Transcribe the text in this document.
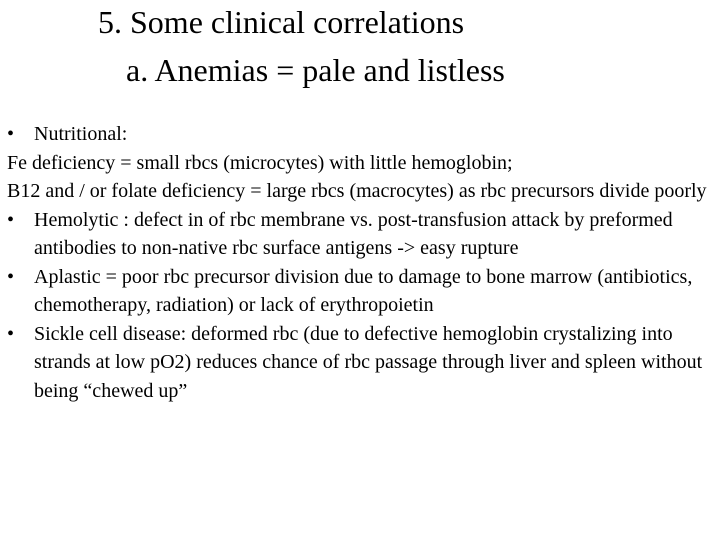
5. Some clinical correlations
a. Anemias = pale and listless
• Nutritional:

Fe deficiency = small rbcs (microcytes) with little hemoglobin;

B12 and / or folate deficiency = large rbcs (macrocytes) as rbc precursors divide poorly

• Hemolytic : defect in of rbc membrane vs. post-transfusion attack by preformed antibodies to non-native rbc surface antigens -> easy rupture
• Aplastic = poor rbc precursor division due to damage to bone marrow (antibiotics, chemotherapy, radiation) or lack of erythropoietin
• Sickle cell disease: deformed rbc (due to defective hemoglobin crystalizing into strands at low pO2) reduces chance of rbc passage through liver and spleen without being “chewed up”
